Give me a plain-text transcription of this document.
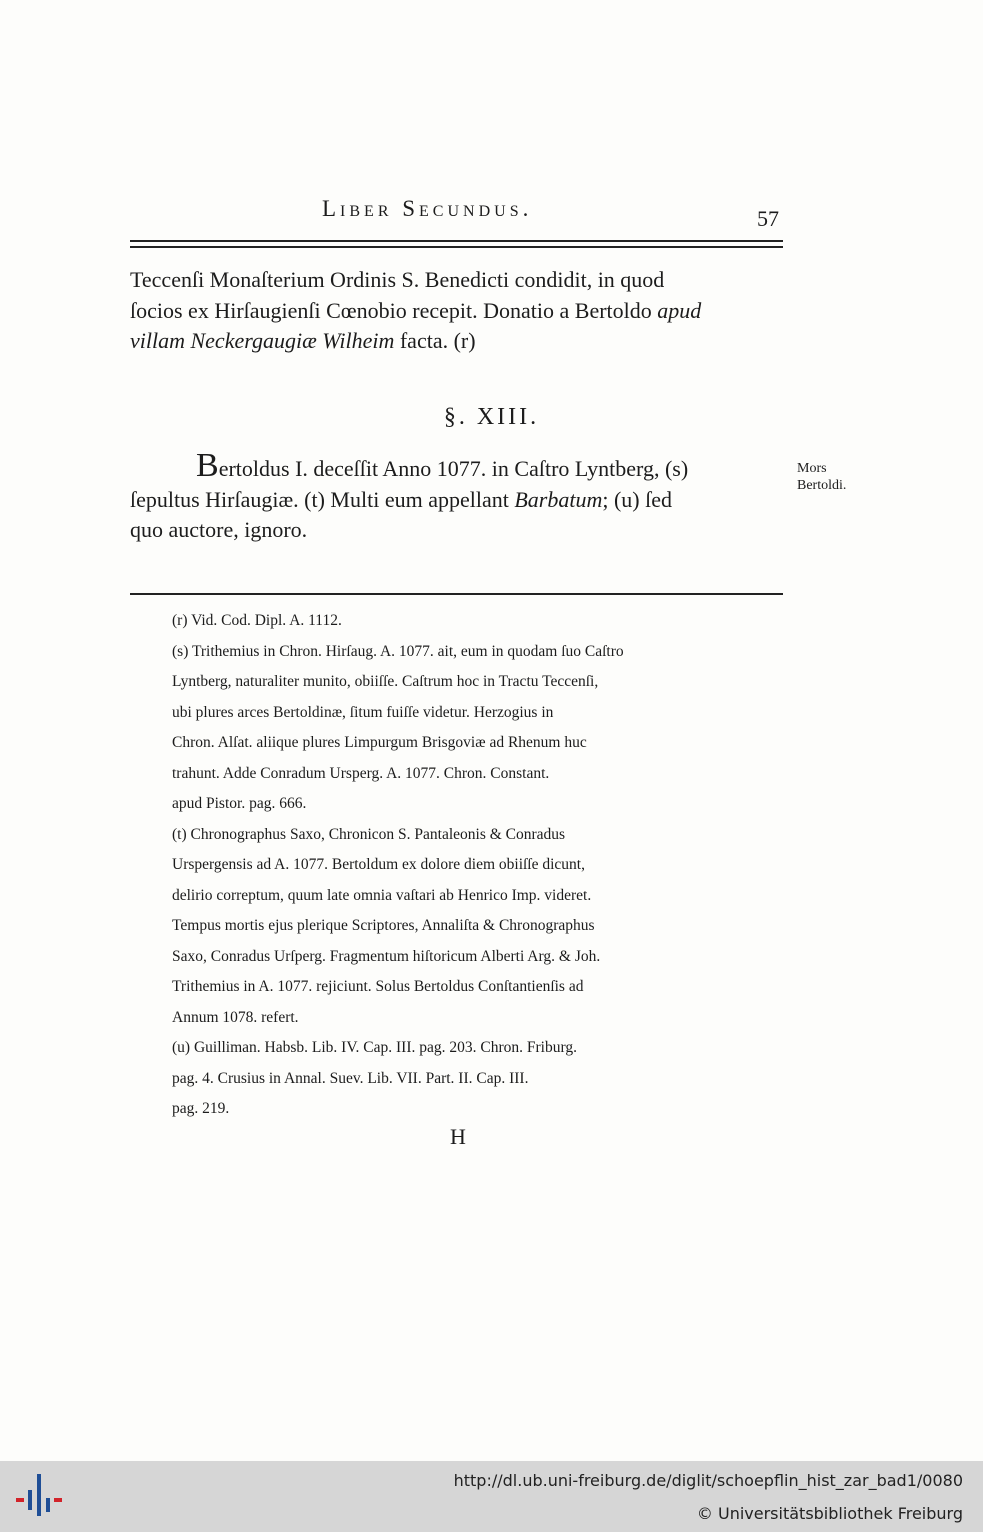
Liber Secundus.	57
Teccenſi Monaſterium Ordinis S. Benedicti condidit, in quod
ſocios ex Hirſaugienſi Cœnobio recepit. Donatio a Bertoldo apud
villam Neckergaugiæ Wilheim facta. (r)
§. XIII.
Bertoldus I. deceſſit Anno 1077. in Caſtro Lyntberg, (s)
ſepultus Hirſaugiæ. (t) Multi eum appellant Barbatum; (u) ſed
quo auctore, ignoro.
Mors
Bertoldi.

(r) Vid. Cod. Dipl. A. 1112.

(s) Trithemius in Chron. Hirſaug. A. 1077. ait, eum in quodam ſuo Caſtro
Lyntberg, naturaliter munito, obiiſſe. Caſtrum hoc in Tractu Teccenſi,
ubi plures arces Bertoldinæ, ſitum fuiſſe videtur. Herzogius in
Chron. Alſat. aliique plures Limpurgum Brisgoviæ ad Rhenum huc
trahunt. Adde Conradum Ursperg. A. 1077. Chron. Constant.
apud Pistor. pag. 666.
(t) Chronographus Saxo, Chronicon S. Pantaleonis & Conradus
Urspergensis ad A. 1077. Bertoldum ex dolore diem obiiſſe dicunt,
delirio correptum, quum late omnia vaſtari ab Henrico Imp. videret.
Tempus mortis ejus plerique Scriptores, Annaliſta & Chronographus
Saxo, Conradus Urſperg. Fragmentum hiſtoricum Alberti Arg. & Joh.
Trithemius in A. 1077. rejiciunt. Solus Bertoldus Conſtantienſis ad
Annum 1078. refert.
(u) Guilliman. Habsb. Lib. IV. Cap. III. pag. 203. Chron. Friburg.
pag. 4. Crusius in Annal. Suev. Lib. VII. Part. II. Cap. III.
pag. 219.
H
http://dl.ub.uni-freiburg.de/diglit/schoepflin_hist_zar_bad1/0080
© Universitätsbibliothek Freiburg
